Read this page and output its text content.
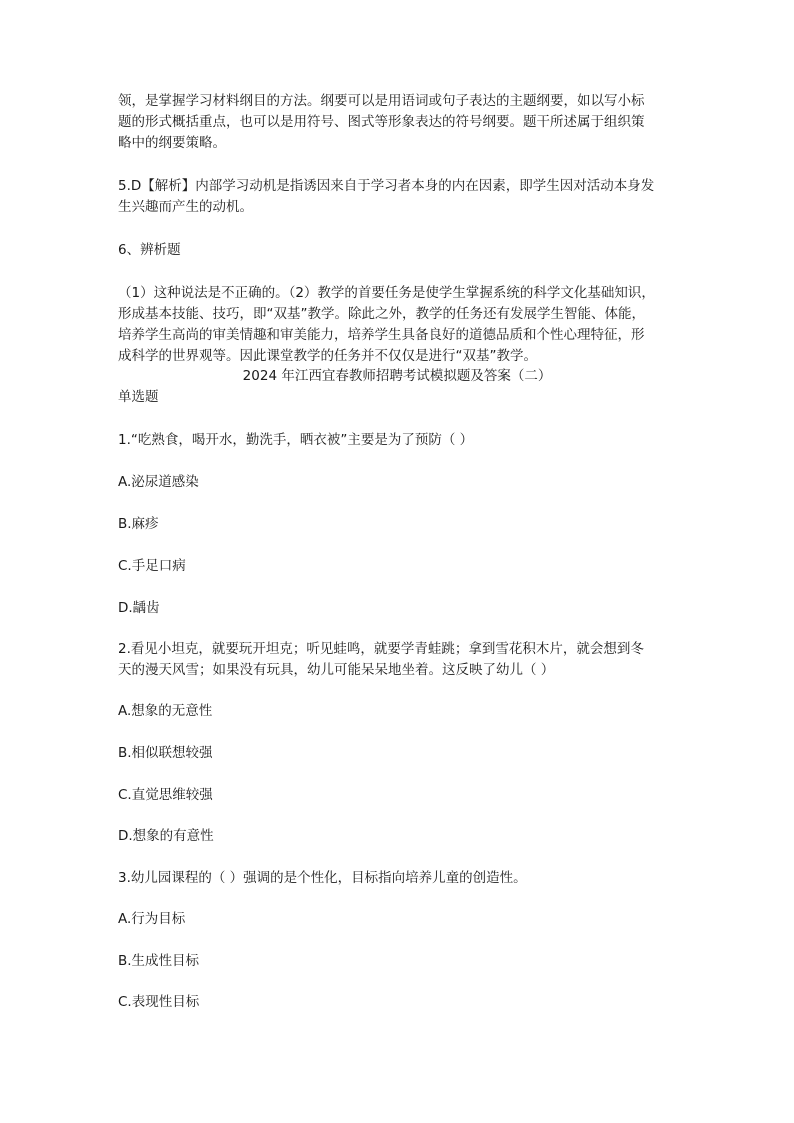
领，是掌握学习材料纲目的方法。纲要可以是用语词或句子表达的主题纲要，如以写小标
题的形式概括重点，也可以是用符号、图式等形象表达的符号纲要。题干所述属于组织策
略中的纲要策略。
5.D【解析】内部学习动机是指诱因来自于学习者本身的内在因素，即学生因对活动本身发
生兴趣而产生的动机。
6、辨析题
（1）这种说法是不正确的。（2）教学的首要任务是使学生掌握系统的科学文化基础知识，
形成基本技能、技巧，即“双基”教学。除此之外，教学的任务还有发展学生智能、体能，
培养学生高尚的审美情趣和审美能力，培养学生具备良好的道德品质和个性心理特征，形
成科学的世界观等。因此课堂教学的任务并不仅仅是进行“双基”教学。
2024 年江西宜春教师招聘考试模拟题及答案（二）
单选题
1.“吃熟食，喝开水，勤洗手，晒衣被”主要是为了预防（ ）
A.泌尿道感染
B.麻疹
C.手足口病
D.龋齿
2.看见小坦克，就要玩开坦克；听见蛙鸣，就要学青蛙跳；拿到雪花积木片，就会想到冬
天的漫天风雪；如果没有玩具，幼儿可能呆呆地坐着。这反映了幼儿（ ）
A.想象的无意性
B.相似联想较强
C.直觉思维较强
D.想象的有意性
3.幼儿园课程的（ ）强调的是个性化，目标指向培养儿童的创造性。
A.行为目标
B.生成性目标
C.表现性目标
